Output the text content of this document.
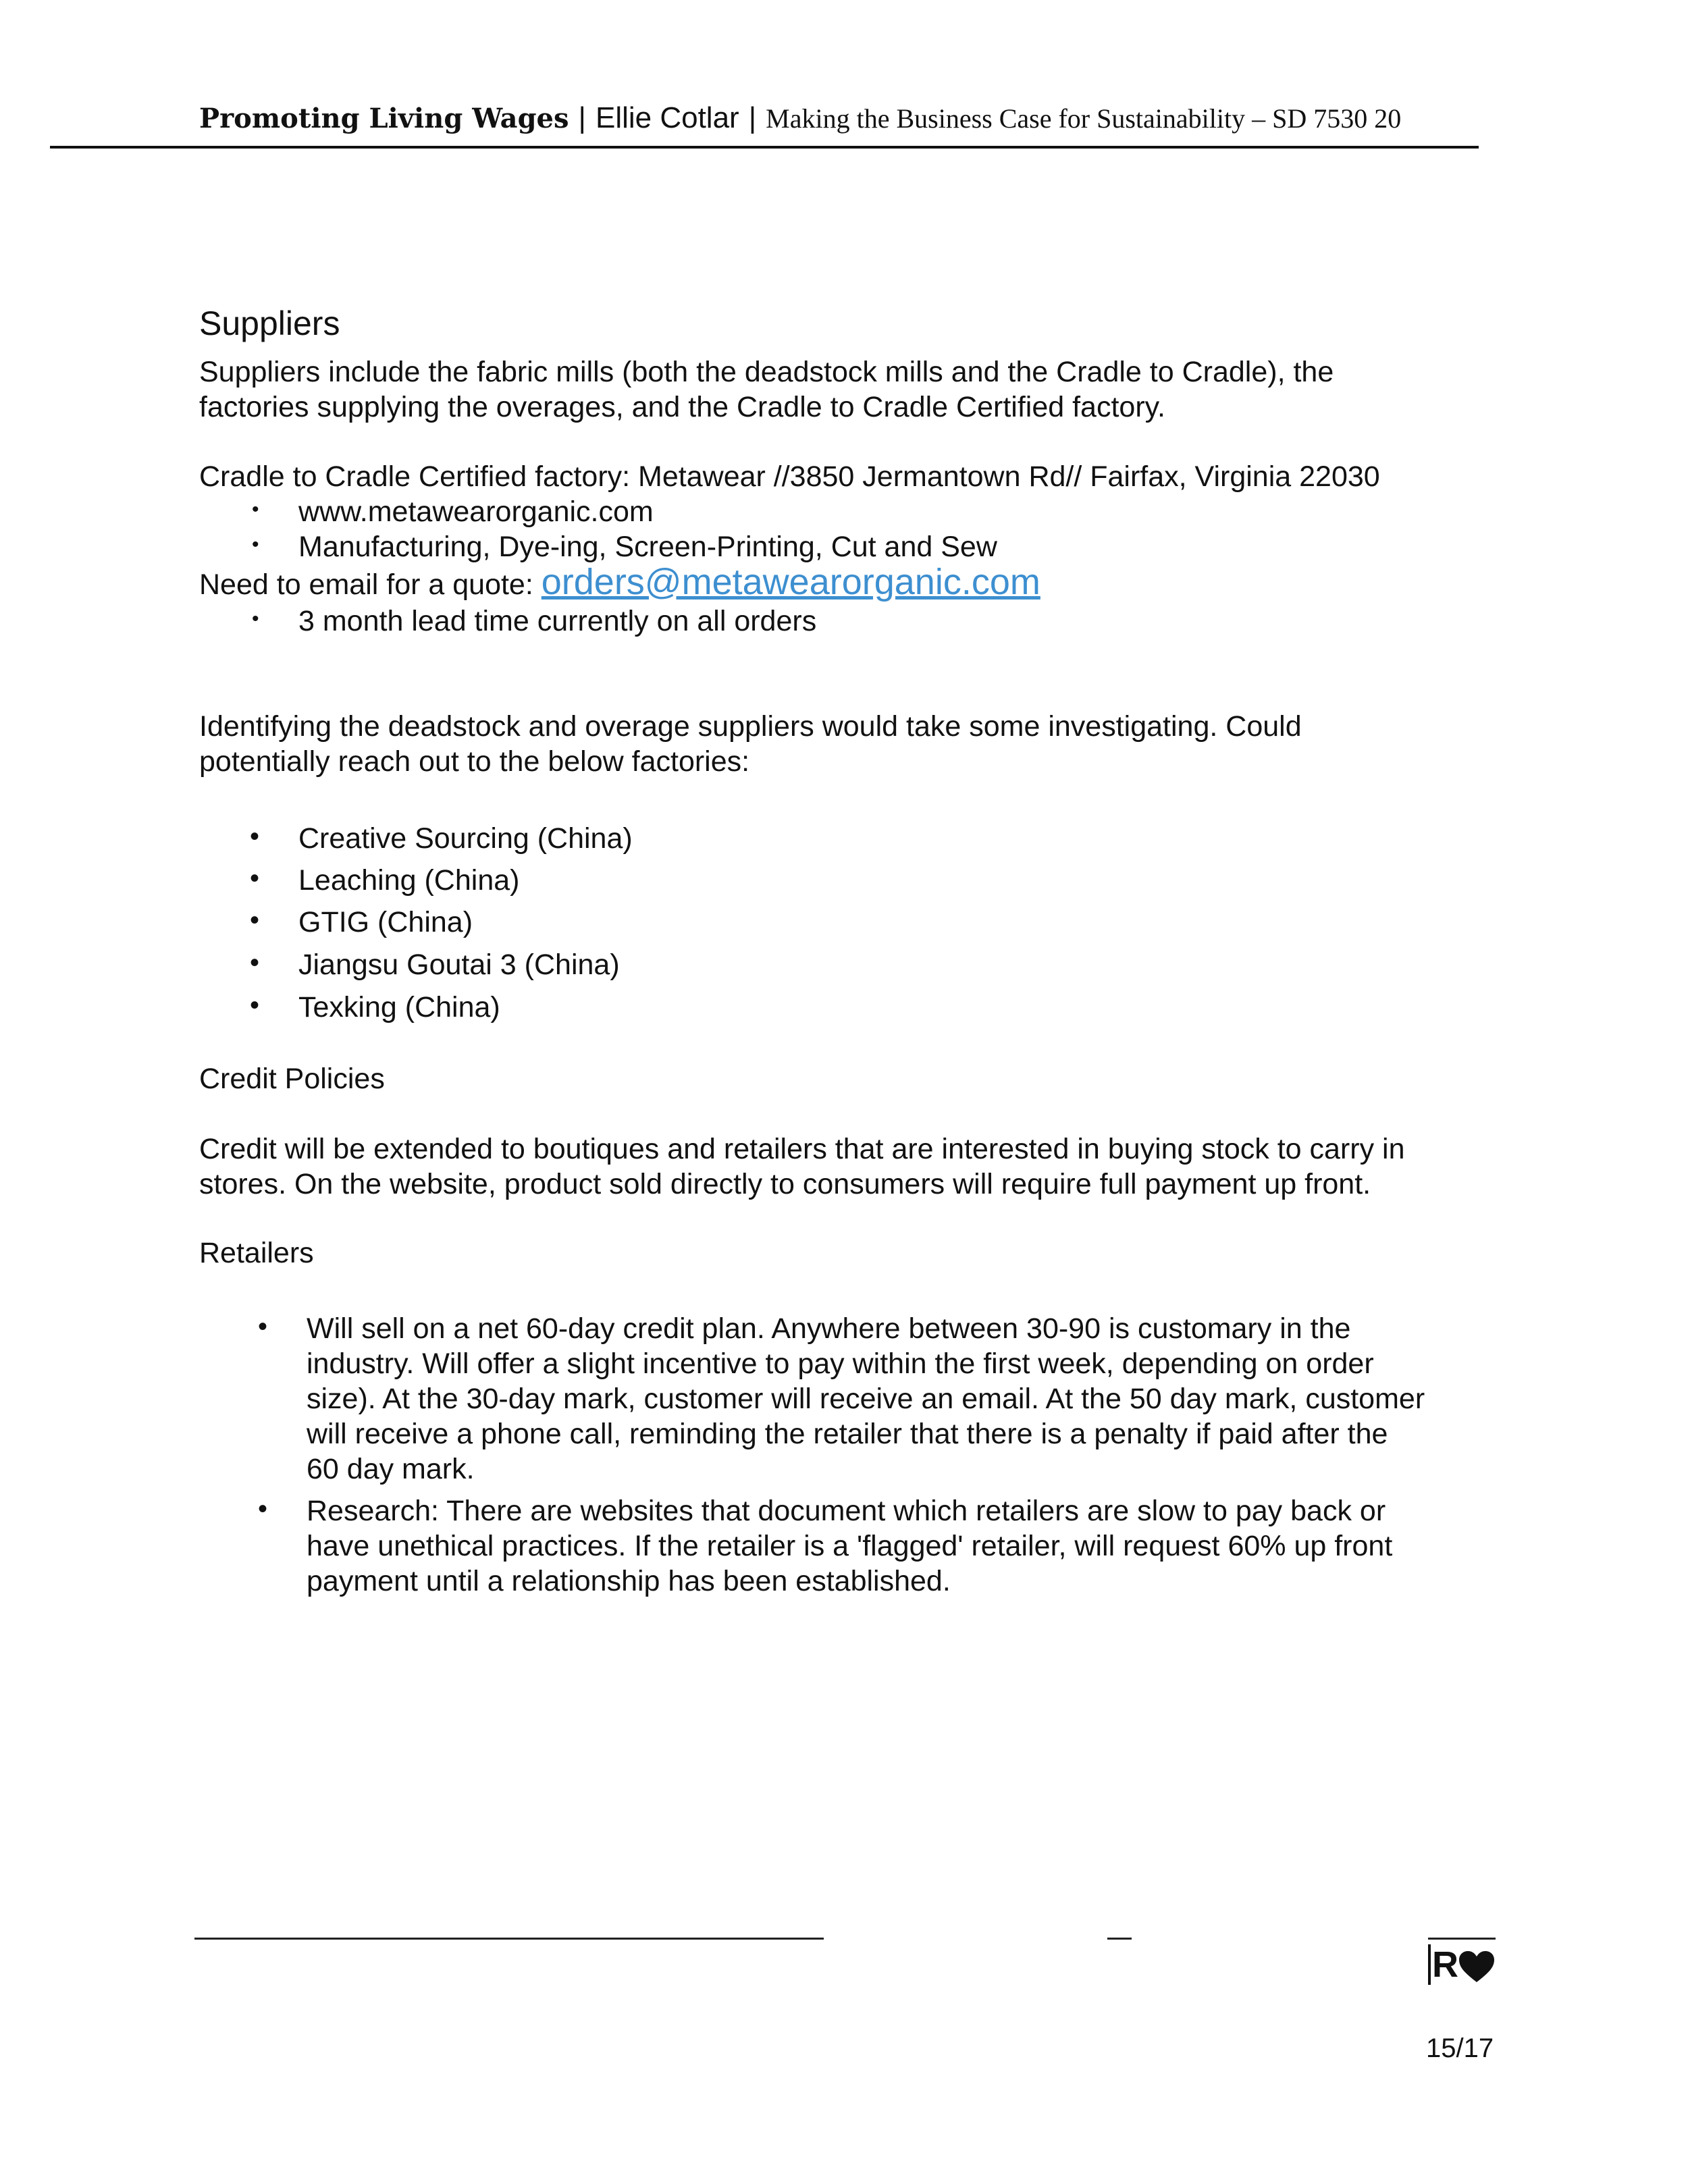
Promoting Living Wages | Ellie Cotlar | Making the Business Case for Sustainability – SD 7530 20
Suppliers
Suppliers include the fabric mills (both the deadstock mills and the Cradle to Cradle), the
factories supplying the overages, and the Cradle to Cradle Certified factory.
Cradle to Cradle Certified factory: Metawear //3850 Jermantown Rd// Fairfax, Virginia 22030
• www.metawearorganic.com
• Manufacturing, Dye-ing, Screen-Printing, Cut and Sew
Need to email for a quote: orders@metawearorganic.com
• 3 month lead time currently on all orders
Identifying the deadstock and overage suppliers would take some investigating. Could
potentially reach out to the below factories:
• Creative Sourcing (China)
• Leaching (China)
• GTIG (China)
• Jiangsu Goutai 3 (China)
• Texking (China)
Credit Policies
Credit will be extended to boutiques and retailers that are interested in buying stock to carry in
stores. On the website, product sold directly to consumers will require full payment up front.
Retailers
• Will sell on a net 60-day credit plan. Anywhere between 30-90 is customary in the
industry. Will offer a slight incentive to pay within the first week, depending on order
size). At the 30-day mark, customer will receive an email. At the 50 day mark, customer
will receive a phone call, reminding the retailer that there is a penalty if paid after the
60 day mark.
• Research: There are websites that document which retailers are slow to pay back or
have unethical practices. If the retailer is a 'flagged' retailer, will request 60% up front
payment until a relationship has been established.
R
15/17
